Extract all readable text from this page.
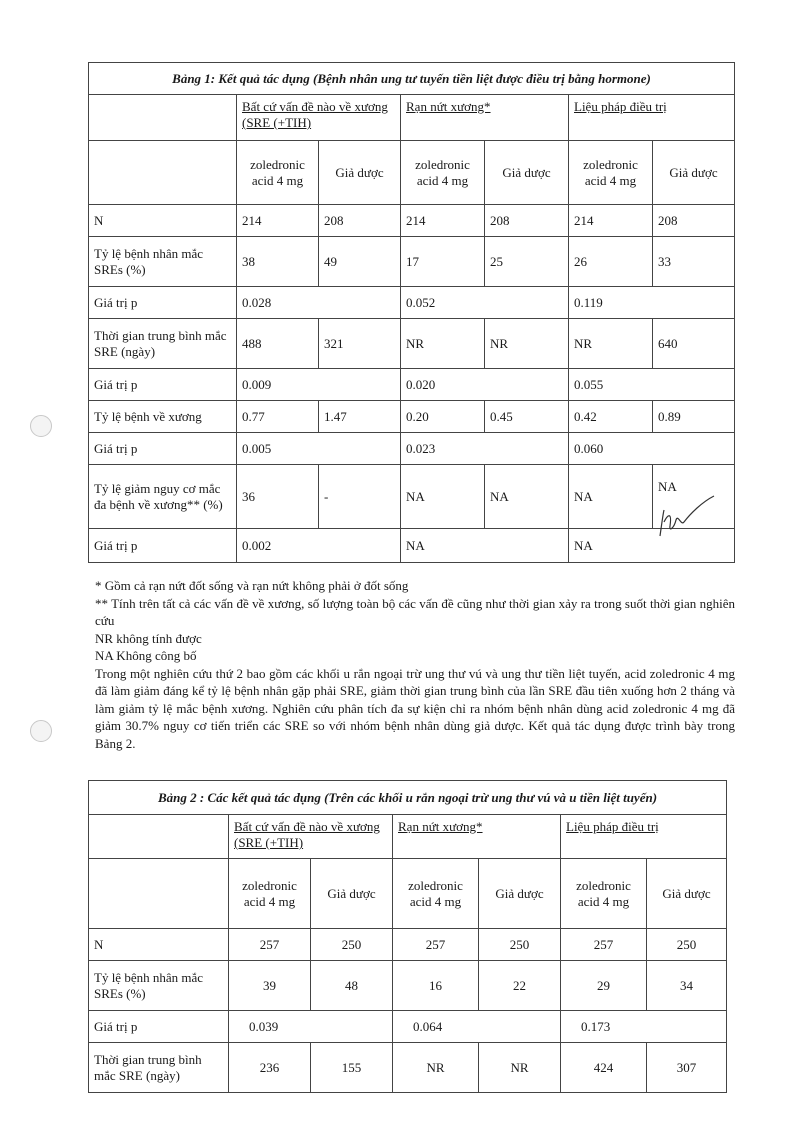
Bảng 1: Kết quả tác dụng (Bệnh nhân ung tư tuyến tiền liệt được điều trị bằng hormone)						
	Bất cứ vấn đề nào về xương (SRE (+TIH)		Rạn nứt xương*		Liệu pháp điều trị	
	zoledronic acid 4 mg	Giả dược	zoledronic acid 4 mg	Giả dược	zoledronic acid 4 mg	Giả dược
N	214	208	214	208	214	208
Tỷ lệ bệnh nhân mắc SREs (%)	38	49	17	25	26	33
Giá trị p	0.028		0.052		0.119	
Thời gian trung bình mắc SRE (ngày)	488	321	NR	NR	NR	640
Giá trị p	0.009		0.020		0.055	
Tỷ lệ bệnh về xương	0.77	1.47	0.20	0.45	0.42	0.89
Giá trị p	0.005		0.023		0.060	
Tỷ lệ giảm nguy cơ mắc đa bệnh về xương** (%)	36	-	NA	NA	NA	NA
Giá trị p	0.002		NA		NA	

* Gồm cả rạn nứt đốt sống và rạn nứt không phải ở đốt sống

** Tính trên tất cả các vấn đề về xương, số lượng toàn bộ các vấn đề cũng như thời gian xảy ra trong suốt thời gian nghiên cứu

NR không tính được

NA Không công bố

Trong một nghiên cứu thứ 2 bao gồm các khối u rắn ngoại trừ ung thư vú và ung thư tiền liệt tuyến, acid zoledronic 4 mg đã làm giảm đáng kể tỷ lệ bệnh nhân gặp phải SRE, giảm thời gian trung bình của lần SRE đầu tiên xuống hơn 2 tháng và làm giảm tỷ lệ mắc bệnh xương. Nghiên cứu phân tích đa sự kiện chỉ ra nhóm bệnh nhân dùng acid zoledronic 4 mg đã giảm 30.7% nguy cơ tiến triển các SRE so với nhóm bệnh nhân dùng giả dược. Kết quả tác dụng được trình bày trong Bảng 2.

Bảng 2 : Các kết quả tác dụng (Trên các khối u rắn ngoại trừ ung thư vú và u tiền liệt tuyến)						
	Bất cứ vấn đề nào về xương (SRE (+TIH)		Rạn nứt xương*		Liệu pháp điều trị	
	zoledronic acid 4 mg	Giả dược	zoledronic acid 4 mg	Giả dược	zoledronic acid 4 mg	Giả dược
N	257	250	257	250	257	250
Tỷ lệ bệnh nhân mắc SREs (%)	39	48	16	22	29	34
Giá trị p	0.039		0.064		0.173	
Thời gian trung bình mắc SRE (ngày)	236	155	NR	NR	424	307
